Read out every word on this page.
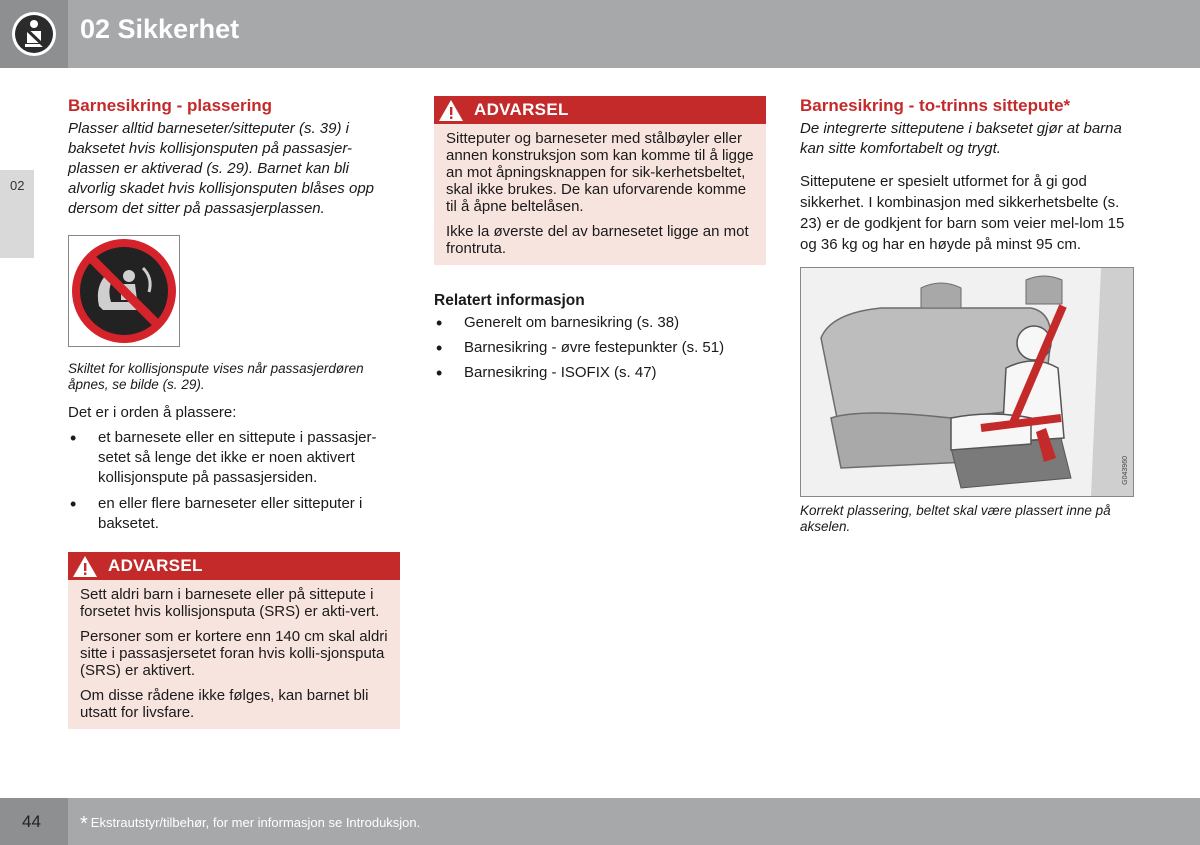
02 Sikkerhet
02
Barnesikring - plassering

Plasser alltid barneseter/sitteputer (s. 39) i baksetet hvis kollisjonsputen på passasjer-plassen er aktiverad (s. 29). Barnet kan bli alvorlig skadet hvis kollisjonsputen blåses opp dersom det sitter på passasjerplassen.

Skiltet for kollisjonspute vises når passasjerdøren åpnes, se bilde (s. 29).

Det er i orden å plassere:

• et barnesete eller en sittepute i passasjer-setet så lenge det ikke er noen aktivert kollisjonspute på passasjersiden.
• en eller flere barneseter eller sitteputer i baksetet.
ADVARSEL

Sett aldri barn i barnesete eller på sittepute i forsetet hvis kollisjonsputa (SRS) er akti-vert.

Personer som er kortere enn 140 cm skal aldri sitte i passasjersetet foran hvis kolli-sjonsputa (SRS) er aktivert.

Om disse rådene ikke følges, kan barnet bli utsatt for livsfare.

ADVARSEL

Sitteputer og barneseter med stålbøyler eller annen konstruksjon som kan komme til å ligge an mot åpningsknappen for sik-kerhetsbeltet, skal ikke brukes. De kan uforvarende komme til å åpne beltelåsen.

Ikke la øverste del av barnesetet ligge an mot frontruta.

Relatert informasjon
• Generelt om barnesikring (s. 38)
• Barnesikring - øvre festepunkter (s. 51)
• Barnesikring - ISOFIX (s. 47)
Barnesikring - to-trinns sittepute*

De integrerte sitteputene i baksetet gjør at barna kan sitte komfortabelt og trygt.

Sitteputene er spesielt utformet for å gi god sikkerhet. I kombinasjon med sikkerhetsbelte (s. 23) er de godkjent for barn som veier mel-lom 15 og 36 kg og har en høyde på minst 95 cm.

G043960

Korrekt plassering, beltet skal være plassert inne på akselen.

44 * Ekstrautstyr/tilbehør, for mer informasjon se Introduksjon.
